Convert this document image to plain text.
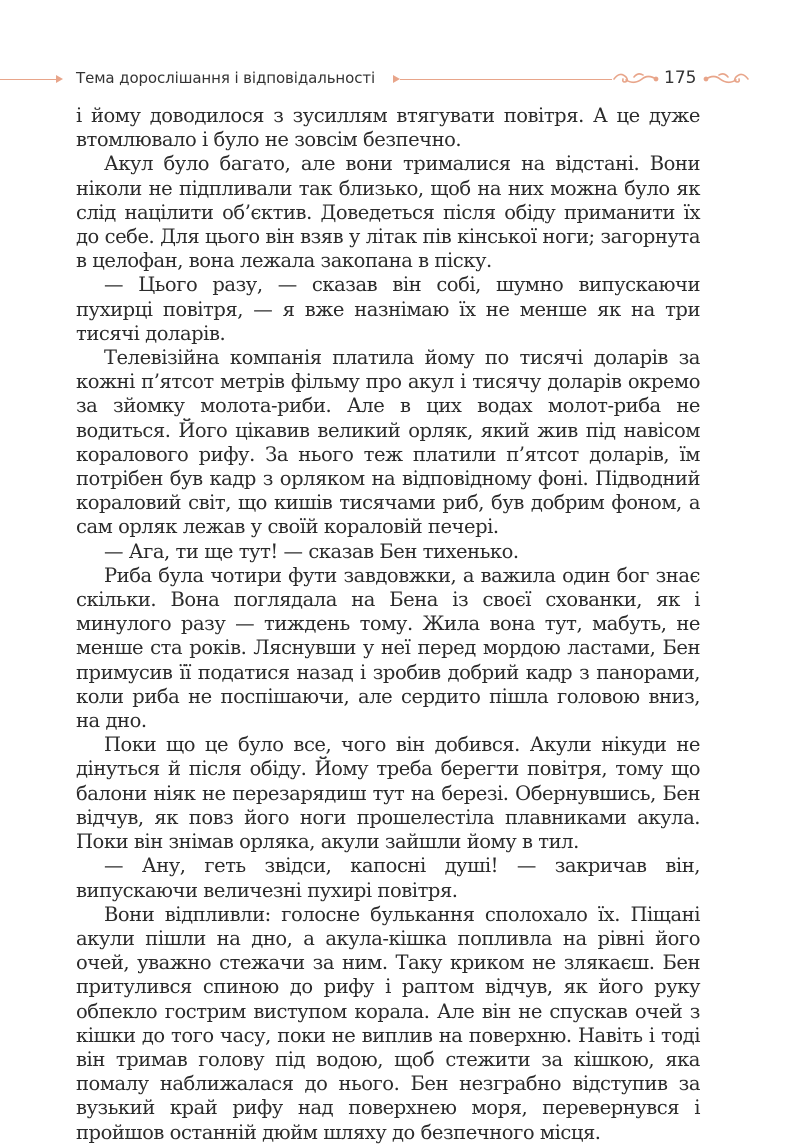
Тема дорослішання і відповідальності	175

і йому доводилося з зусиллям втягувати повітря. А це дуже втомлювало і було не зовсім безпечно.

Акул було багато, але вони трималися на відстані. Вони ніколи не підпливали так близько, щоб на них можна було як слід націлити об’єктив. Доведеться після обіду приманити їх до себе. Для цього він взяв у літак пів кінської ноги; загорнута в целофан, вона лежала закопана в піску.

— Цього разу, — сказав він собі, шумно випускаючи пухирці повітря, — я вже назнімаю їх не менше як на три тисячі доларів.

Телевізійна компанія платила йому по тисячі доларів за кожні п’ятсот метрів фільму про акул і тисячу доларів окремо за зйомку молота-риби. Але в цих водах молот-риба не водиться. Його цікавив великий орляк, який жив під навісом коралового рифу. За нього теж платили п’ятсот доларів, їм потрібен був кадр з орляком на відповідному фоні. Підводний кораловий світ, що кишів тисячами риб, був добрим фоном, а сам орляк лежав у своїй кораловій печері.

— Ага, ти ще тут! — сказав Бен тихенько.

Риба була чотири фути завдовжки, а важила один бог знає скільки. Вона поглядала на Бена із своєї схованки, як і минулого разу — тиждень тому. Жила вона тут, мабуть, не менше ста років. Ляснувши у неї перед мордою ластами, Бен примусив її податися назад і зробив добрий кадр з панорами, коли риба не поспішаючи, але сердито пішла головою вниз, на дно.

Поки що це було все, чого він добився. Акули нікуди не дінуться й після обіду. Йому треба берегти повітря, тому що балони ніяк не перезарядиш тут на березі. Обернувшись, Бен відчув, як повз його ноги прошелестіла плавниками акула. Поки він знімав орляка, акули зайшли йому в тил.

— Ану, геть звідси, капосні душі! — закричав він, випускаючи величезні пухирі повітря.

Вони відпливли: голосне булькання сполохало їх. Піщані акули пішли на дно, а акула-кішка попливла на рівні його очей, уважно стежачи за ним. Таку криком не злякаєш. Бен притулився спиною до рифу і раптом відчув, як його руку обпекло гострим виступом корала. Але він не спускав очей з кішки до того часу, поки не виплив на поверхню. Навіть і тоді він тримав голову під водою, щоб стежити за кішкою, яка помалу наближалася до нього. Бен незграбно відступив за вузький край рифу над поверхнею моря, перевернувся і пройшов останній дюйм шляху до безпечного місця.
